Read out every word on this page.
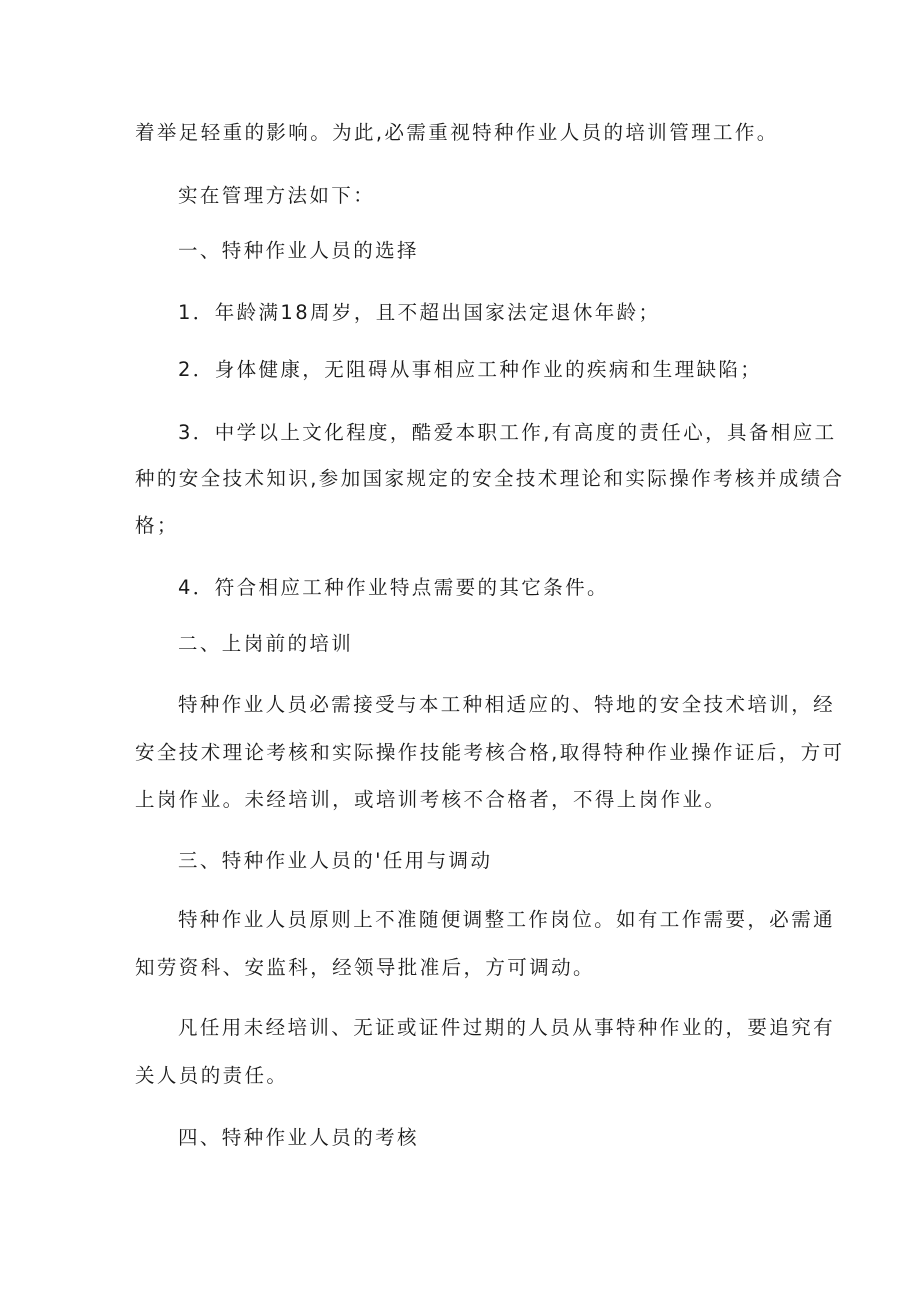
着举足轻重的影响。为此,必需重视特种作业人员的培训管理工作。
实在管理方法如下：
一、特种作业人员的选择
1．年龄满18周岁，且不超出国家法定退休年龄；
2．身体健康，无阻碍从事相应工种作业的疾病和生理缺陷；
3．中学以上文化程度，酷爱本职工作,有高度的责任心，具备相应工
种的安全技术知识,参加国家规定的安全技术理论和实际操作考核并成绩合
格；
4．符合相应工种作业特点需要的其它条件。
二、上岗前的培训
特种作业人员必需接受与本工种相适应的、特地的安全技术培训，经
安全技术理论考核和实际操作技能考核合格,取得特种作业操作证后，方可
上岗作业。未经培训，或培训考核不合格者，不得上岗作业。
三、特种作业人员的'任用与调动
特种作业人员原则上不准随便调整工作岗位。如有工作需要，必需通
知劳资科、安监科，经领导批准后，方可调动。
凡任用未经培训、无证或证件过期的人员从事特种作业的，要追究有
关人员的责任。
四、特种作业人员的考核
